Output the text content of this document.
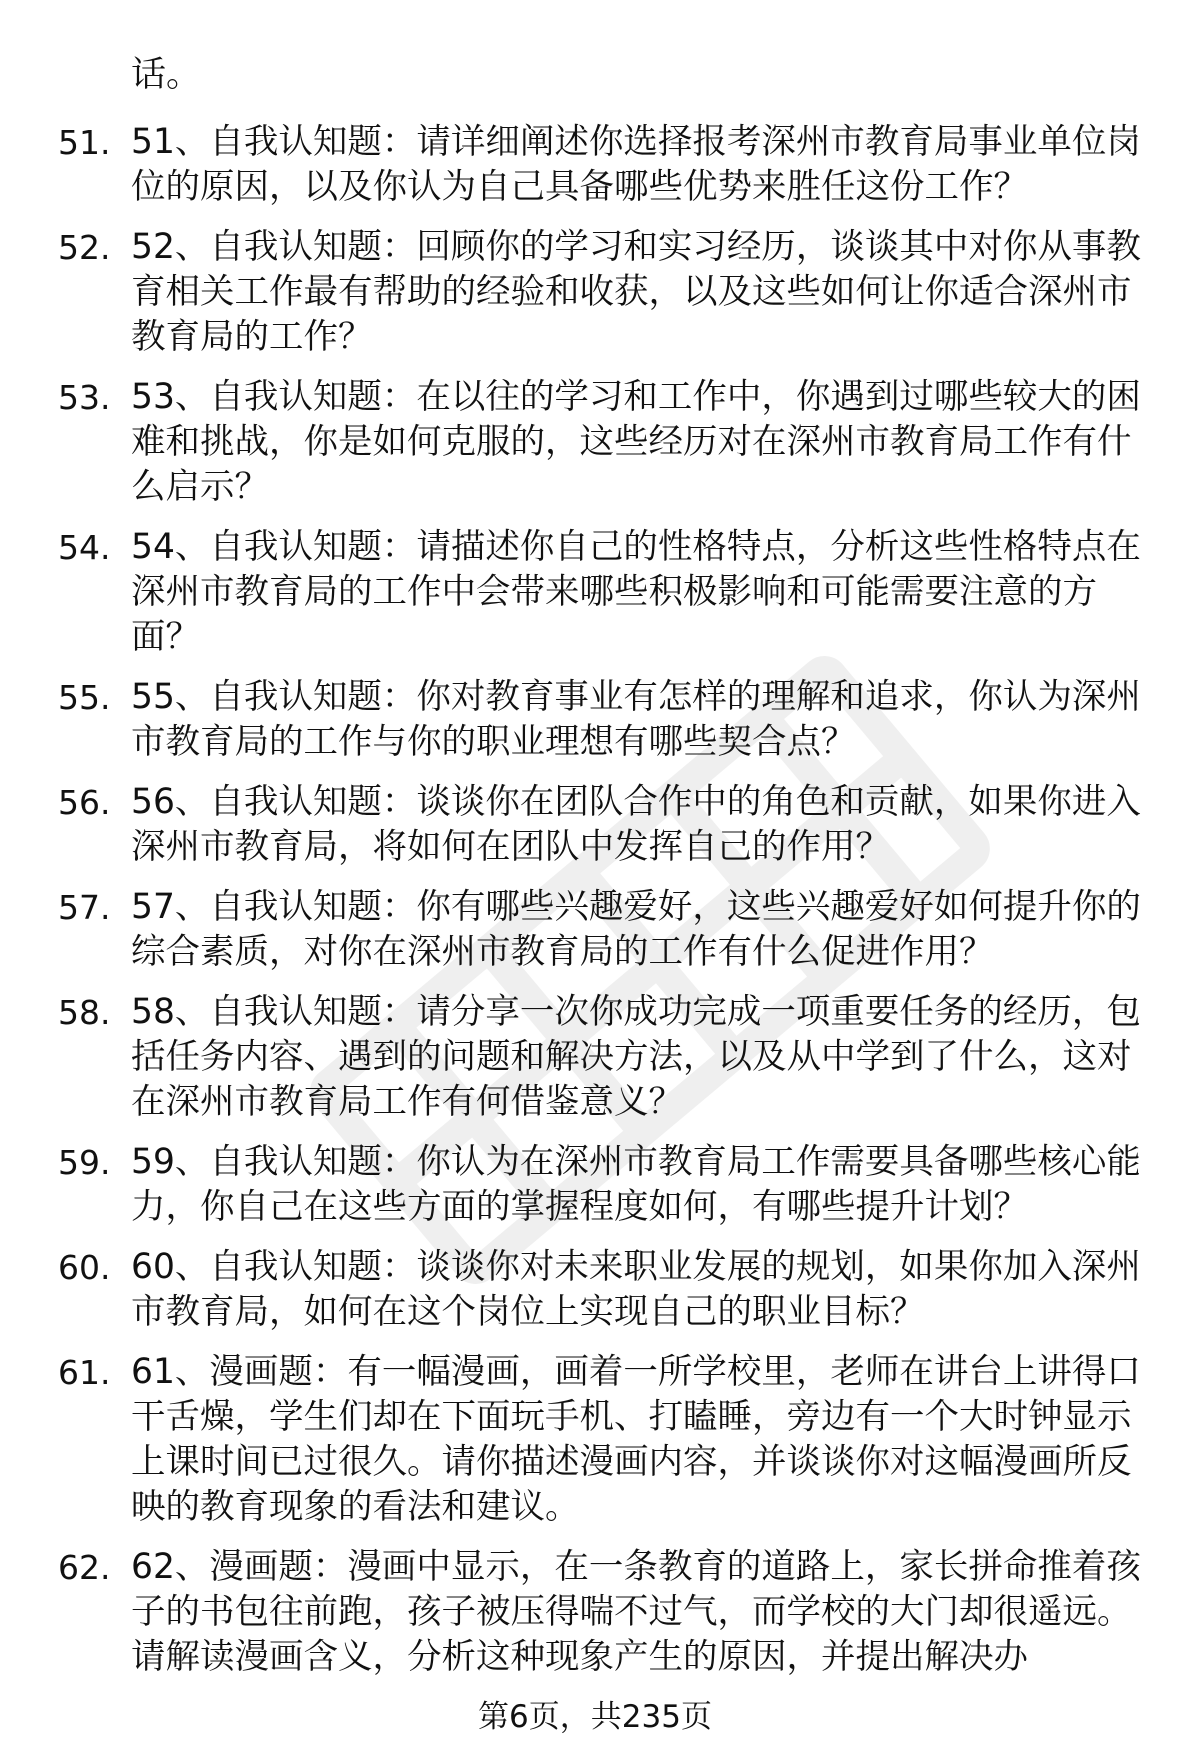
话。

51. 51、自我认知题：请详细阐述你选择报考深州市教育局事业单位岗位的原因，以及你认为自己具备哪些优势来胜任这份工作？

52. 52、自我认知题：回顾你的学习和实习经历，谈谈其中对你从事教育相关工作最有帮助的经验和收获，以及这些如何让你适合深州市教育局的工作？

53. 53、自我认知题：在以往的学习和工作中，你遇到过哪些较大的困难和挑战，你是如何克服的，这些经历对在深州市教育局工作有什么启示？

54. 54、自我认知题：请描述你自己的性格特点，分析这些性格特点在深州市教育局的工作中会带来哪些积极影响和可能需要注意的方面？

55. 55、自我认知题：你对教育事业有怎样的理解和追求，你认为深州市教育局的工作与你的职业理想有哪些契合点？

56. 56、自我认知题：谈谈你在团队合作中的角色和贡献，如果你进入深州市教育局，将如何在团队中发挥自己的作用？

57. 57、自我认知题：你有哪些兴趣爱好，这些兴趣爱好如何提升你的综合素质，对你在深州市教育局的工作有什么促进作用？

58. 58、自我认知题：请分享一次你成功完成一项重要任务的经历，包括任务内容、遇到的问题和解决方法，以及从中学到了什么，这对在深州市教育局工作有何借鉴意义？

59. 59、自我认知题：你认为在深州市教育局工作需要具备哪些核心能力，你自己在这些方面的掌握程度如何，有哪些提升计划？

60. 60、自我认知题：谈谈你对未来职业发展的规划，如果你加入深州市教育局，如何在这个岗位上实现自己的职业目标？

61. 61、漫画题：有一幅漫画，画着一所学校里，老师在讲台上讲得口干舌燥，学生们却在下面玩手机、打瞌睡，旁边有一个大时钟显示上课时间已过很久。请你描述漫画内容，并谈谈你对这幅漫画所反映的教育现象的看法和建议。

62. 62、漫画题：漫画中显示，在一条教育的道路上，家长拼命推着孩子的书包往前跑，孩子被压得喘不过气，而学校的大门却很遥远。请解读漫画含义，分析这种现象产生的原因，并提出解决办

第6页，共235页
